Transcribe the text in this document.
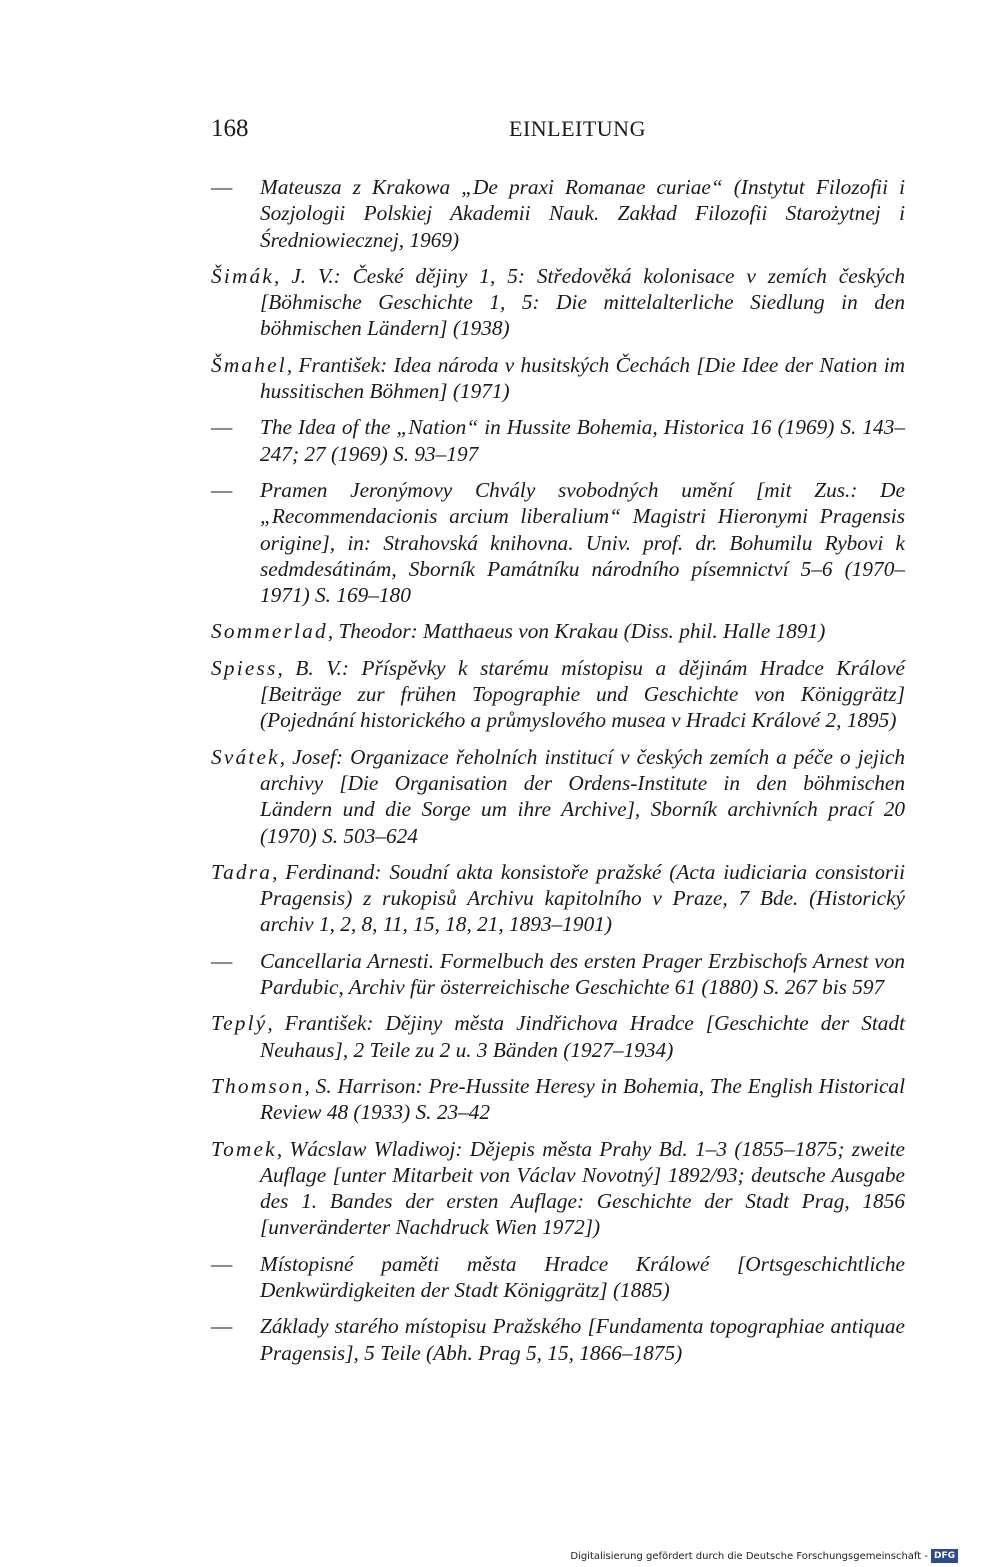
168	EINLEITUNG
— Mateusza z Krakowa „De praxi Romanae curiae“ (Instytut Filozofii i Sozjologii Polskiej Akademii Nauk. Zakład Filozofii Starożytnej i Średniowiecznej, 1969)
Šimák, J. V.: České dějiny 1, 5: Středověká kolonisace v zemích českých [Böhmische Geschichte 1, 5: Die mittelalterliche Siedlung in den böhmischen Ländern] (1938)
Šmahel, František: Idea národa v husitských Čechách [Die Idee der Nation im hussitischen Böhmen] (1971)
— The Idea of the „Nation“ in Hussite Bohemia, Historica 16 (1969) S. 143–247; 27 (1969) S. 93–197
— Pramen Jeronýmovy Chvály svobodných umění [mit Zus.: De „Recommendacionis arcium liberalium“ Magistri Hieronymi Pragensis origine], in: Strahovská knihovna. Univ. prof. dr. Bohumilu Rybovi k sedmdesátinám, Sborník Památníku národního písemnictví 5–6 (1970–1971) S. 169–180
Sommerlad, Theodor: Matthaeus von Krakau (Diss. phil. Halle 1891)
Spiess, B. V.: Příspěvky k starému místopisu a dějinám Hradce Králové [Beiträge zur frühen Topographie und Geschichte von Königgrätz] (Pojednání historického a průmyslového musea v Hradci Králové 2, 1895)
Svátek, Josef: Organizace řeholních institucí v českých zemích a péče o jejich archivy [Die Organisation der Ordens-Institute in den böhmischen Ländern und die Sorge um ihre Archive], Sborník archivních prací 20 (1970) S. 503–624
Tadra, Ferdinand: Soudní akta konsistoře pražské (Acta iudiciaria consistorii Pragensis) z rukopisů Archivu kapitolního v Praze, 7 Bde. (Historický archiv 1, 2, 8, 11, 15, 18, 21, 1893–1901)
— Cancellaria Arnesti. Formelbuch des ersten Prager Erzbischofs Arnest von Pardubic, Archiv für österreichische Geschichte 61 (1880) S. 267 bis 597
Teplý, František: Dějiny města Jindřichova Hradce [Geschichte der Stadt Neuhaus], 2 Teile zu 2 u. 3 Bänden (1927–1934)
Thomson, S. Harrison: Pre-Hussite Heresy in Bohemia, The English Historical Review 48 (1933) S. 23–42
Tomek, Wácslaw Wladiwoj: Dějepis města Prahy Bd. 1–3 (1855–1875; zweite Auflage [unter Mitarbeit von Václav Novotný] 1892/93; deutsche Ausgabe des 1. Bandes der ersten Auflage: Geschichte der Stadt Prag, 1856 [unveränderter Nachdruck Wien 1972])
— Místopisné paměti města Hradce Králowé [Ortsgeschichtliche Denkwürdigkeiten der Stadt Königgrätz] (1885)
— Základy starého místopisu Pražského [Fundamenta topographiae antiquae Pragensis], 5 Teile (Abh. Prag 5, 15, 1866–1875)
Digitalisierung gefördert durch die Deutsche Forschungsgemeinschaft - DFG
